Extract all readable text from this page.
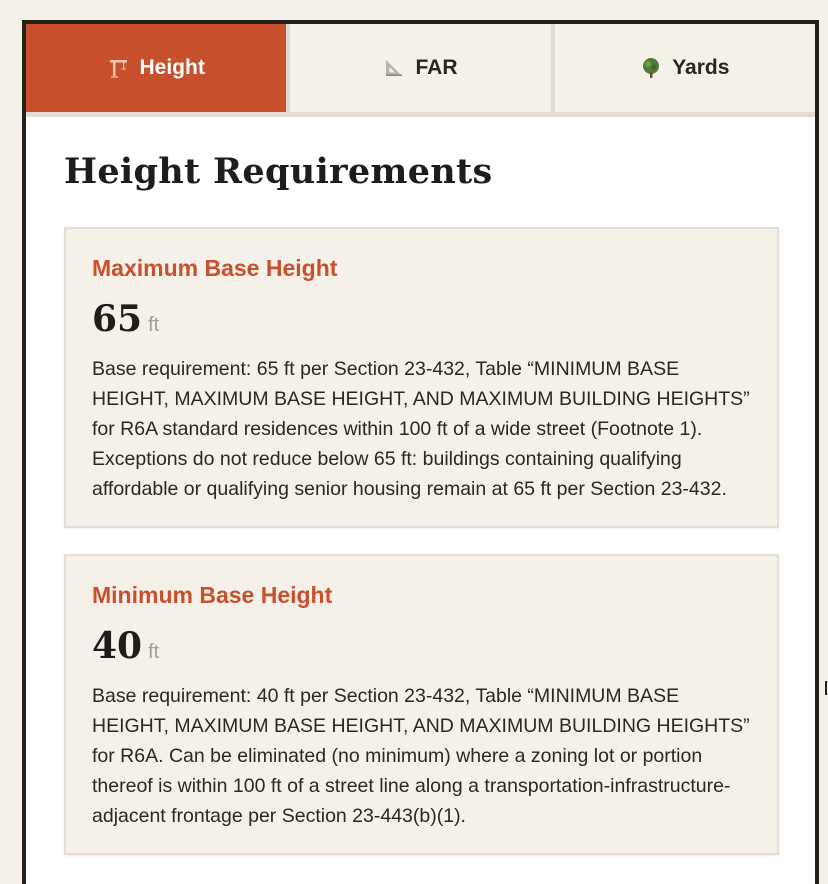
Height	FAR	Yards
Height Requirements
Maximum Base Height
65 ft

Base requirement: 65 ft per Section 23-432, Table “MINIMUM BASE HEIGHT, MAXIMUM BASE HEIGHT, AND MAXIMUM BUILDING HEIGHTS” for R6A standard residences within 100 ft of a wide street (Footnote 1). Exceptions do not reduce below 65 ft: buildings containing qualifying affordable or qualifying senior housing remain at 65 ft per Section 23-432.

Minimum Base Height
40 ft

Base requirement: 40 ft per Section 23-432, Table “MINIMUM BASE HEIGHT, MAXIMUM BASE HEIGHT, AND MAXIMUM BUILDING HEIGHTS” for R6A. Can be eliminated (no minimum) where a zoning lot or portion thereof is within 100 ft of a street line along a transportation-infrastructure-adjacent frontage per Section 23-443(b)(1).
